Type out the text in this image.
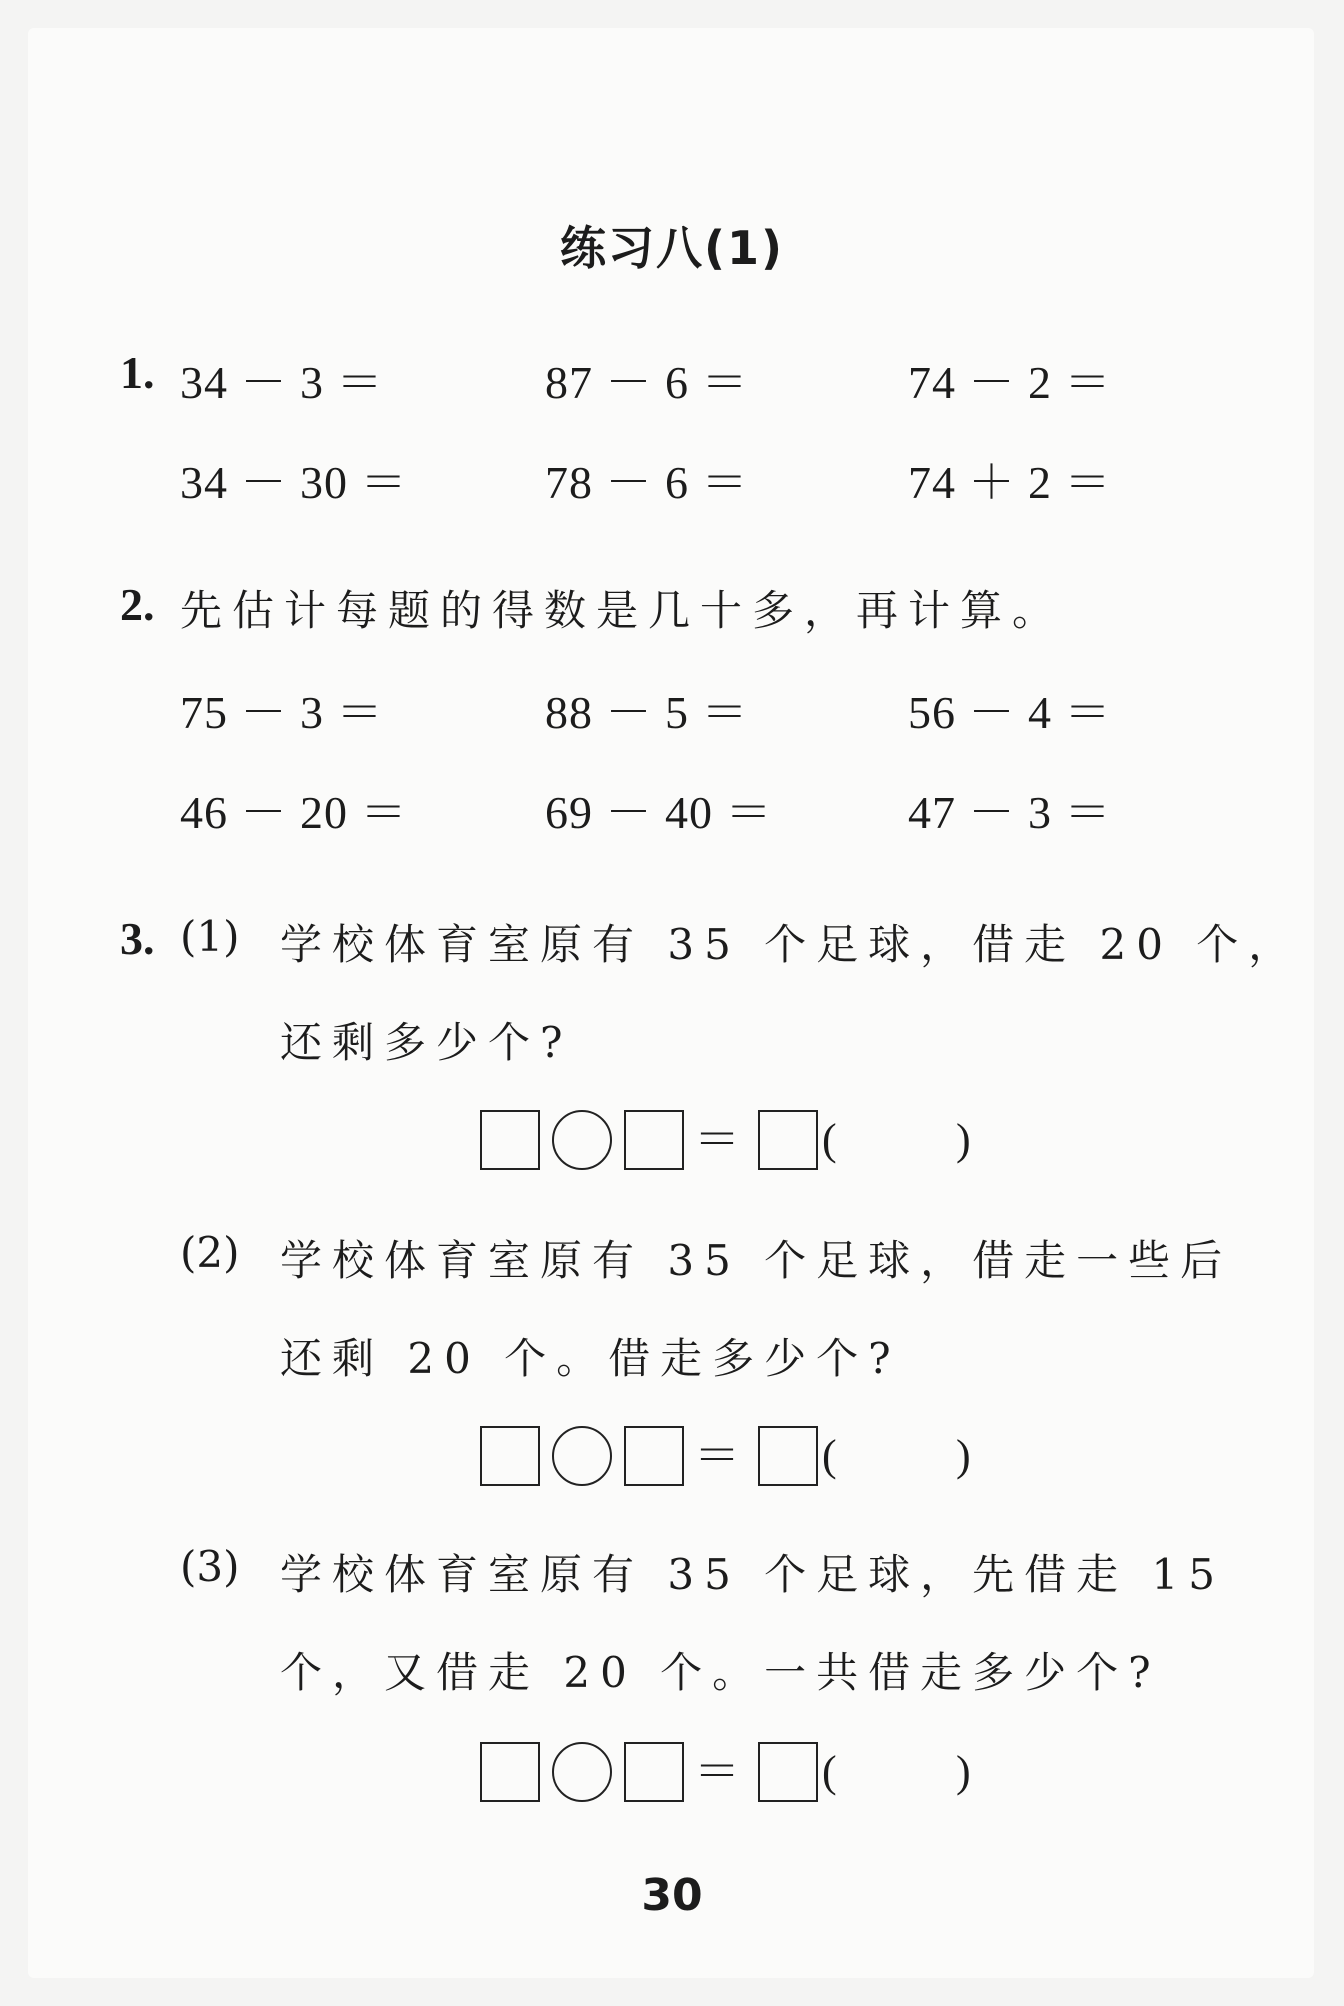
练习八(1)
1. 34 － 3 ＝	87 － 6 ＝	74 － 2 ＝
34 － 30 ＝	78 － 6 ＝	74 ＋ 2 ＝
2. 先估计每题的得数是几十多，再计算。
75 － 3 ＝	88 － 5 ＝	56 － 4 ＝
46 － 20 ＝	69 － 40 ＝	47 － 3 ＝
3. (1) 学校体育室原有 35 个足球，借走 20 个，
还剩多少个?
＝ (	)
(2) 学校体育室原有 35 个足球，借走一些后
还剩 20 个。借走多少个?
＝ (	)
(3) 学校体育室原有 35 个足球，先借走 15
个，又借走 20 个。一共借走多少个?
＝ (	)
30
